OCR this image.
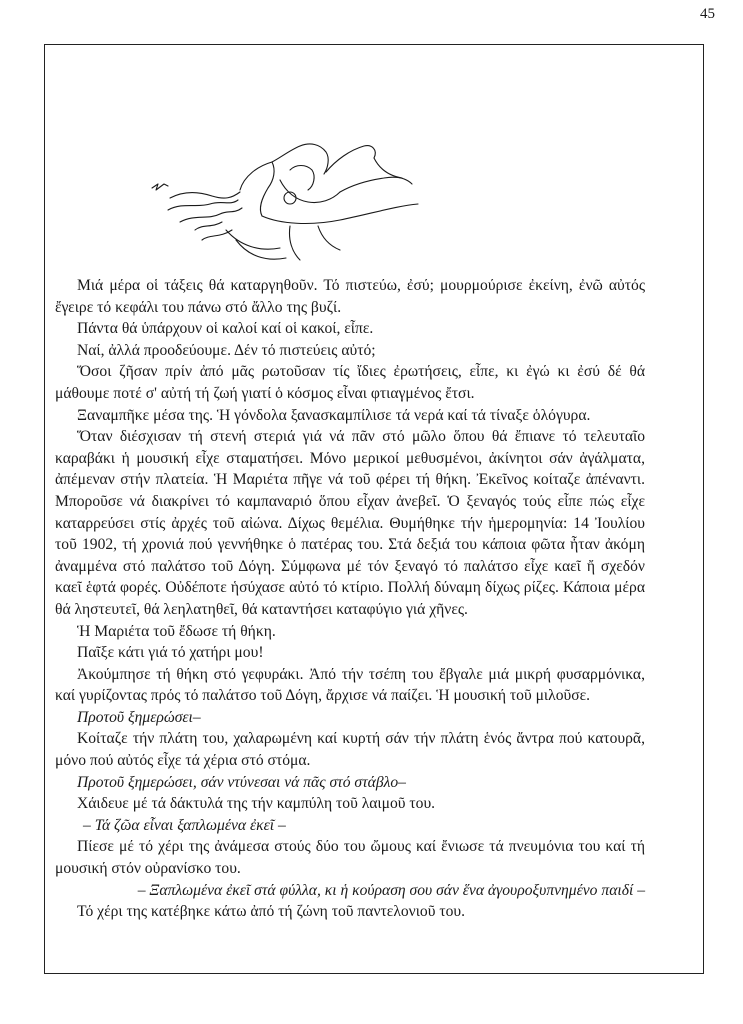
45

Μιά μέρα οἱ τάξεις θά καταργηθοῦν. Τό πιστεύω, ἐσύ; μουρμούρισε ἐκείνη, ἐνῶ αὐτός ἔγειρε τό κεφάλι του πάνω στό ἄλλο της βυζί.

Πάντα θά ὑπάρχουν οἱ καλοί καί οἱ κακοί, εἶπε.

Ναί, ἀλλά προοδεύουμε. Δέν τό πιστεύεις αὐτό;

Ὅσοι ζῆσαν πρίν ἀπό μᾶς ρωτοῦσαν τίς ἴδιες ἐρωτήσεις, εἶπε, κι ἐγώ κι ἐσύ δέ θά μάθουμε ποτέ σ' αὐτή τή ζωή γιατί ὁ κόσμος εἶναι φτιαγμένος ἔτσι.

Ξαναμπῆκε μέσα της. Ἡ γόνδολα ξανασκαμπίλισε τά νερά καί τά τίναξε ὁλόγυρα.

Ὅταν διέσχισαν τή στενή στεριά γιά νά πᾶν στό μῶλο ὅπου θά ἔπιανε τό τελευταῖο καραβάκι ἡ μουσική εἶχε σταματήσει. Μόνο μερικοί μεθυσμένοι, ἀκίνητοι σάν ἀγάλματα, ἀπέμεναν στήν πλατεία. Ἡ Μαριέτα πῆγε νά τοῦ φέρει τή θήκη. Ἐκεῖνος κοίταζε ἀπέναντι. Μποροῦσε νά διακρίνει τό καμπαναριό ὅπου εἶχαν ἀνεβεῖ. Ὁ ξεναγός τούς εἶπε πώς εἶχε καταρρεύσει στίς ἀρχές τοῦ αἰώνα. Δίχως θεμέλια. Θυμήθηκε τήν ἡμερομηνία: 14 Ἰουλίου τοῦ 1902, τή χρονιά πού γεννήθηκε ὁ πατέρας του. Στά δεξιά του κάποια φῶτα ἦταν ἀκόμη ἀναμμένα στό παλάτσο τοῦ Δόγη. Σύμφωνα μέ τόν ξεναγό τό παλάτσο εἶχε καεῖ ἤ σχεδόν καεῖ ἑφτά φορές. Οὐδέποτε ἡσύχασε αὐτό τό κτίριο. Πολλή δύναμη δίχως ρίζες. Κάποια μέρα θά ληστευτεῖ, θά λεηλατηθεῖ, θά καταντήσει καταφύγιο γιά χῆνες.

Ἡ Μαριέτα τοῦ ἔδωσε τή θήκη.

Παῖξε κάτι γιά τό χατήρι μου!

Ἀκούμπησε τή θήκη στό γεφυράκι. Ἀπό τήν τσέπη του ἔβγαλε μιά μικρή φυσαρμόνικα, καί γυρίζοντας πρός τό παλάτσο τοῦ Δόγη, ἄρχισε νά παίζει. Ἡ μουσική τοῦ μιλοῦσε.

Προτοῦ ξημερώσει–

Κοίταζε τήν πλάτη του, χαλαρωμένη καί κυρτή σάν τήν πλάτη ἑνός ἄντρα πού κατουρᾶ, μόνο πού αὐτός εἶχε τά χέρια στό στόμα.

Προτοῦ ξημερώσει, σάν ντύνεσαι νά πᾶς στό στάβλο–

Χάιδευε μέ τά δάκτυλά της τήν καμπύλη τοῦ λαιμοῦ του.

– Τά ζῶα εἶναι ξαπλωμένα ἐκεῖ –

Πίεσε μέ τό χέρι της ἀνάμεσα στούς δύο του ὤμους καί ἔνιωσε τά πνευμόνια του καί τή μουσική στόν οὐρανίσκο του.

– Ξαπλωμένα ἐκεῖ στά φύλλα, κι ἡ κούραση σου σάν ἕνα ἀγουροξυπνημένο παιδί –

Τό χέρι της κατέβηκε κάτω ἀπό τή ζώνη τοῦ παντελονιοῦ του.
